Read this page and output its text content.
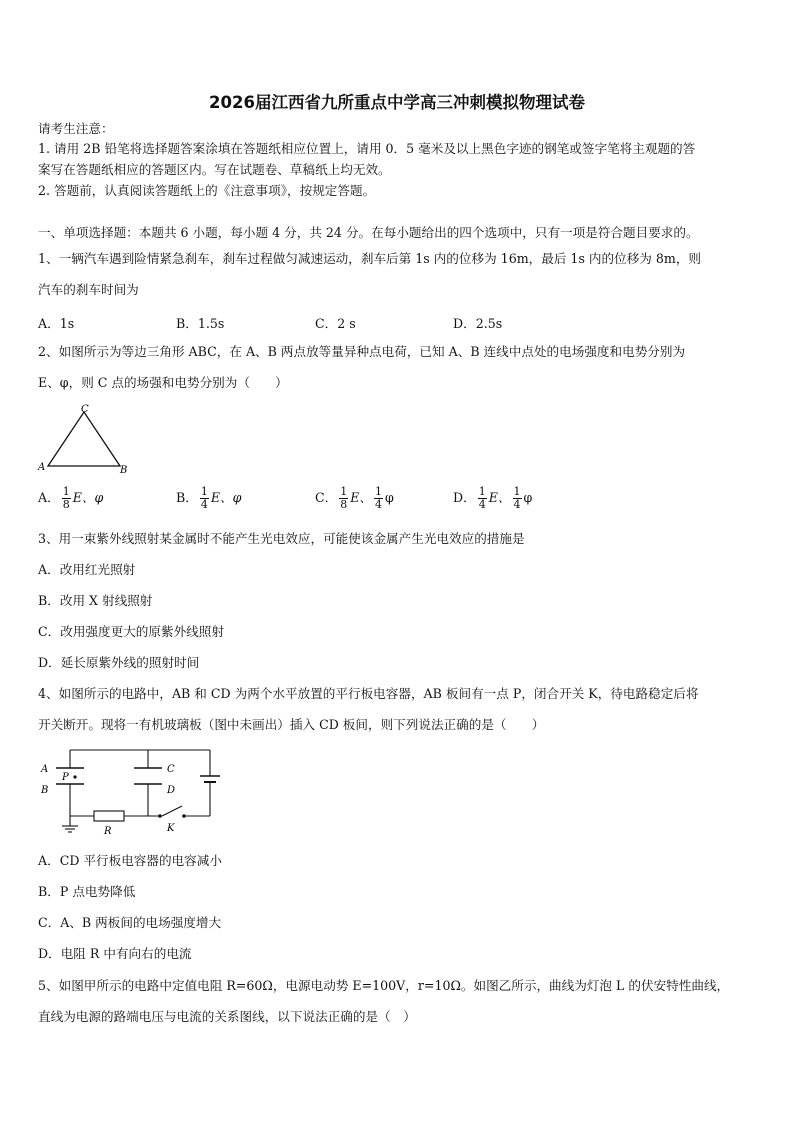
2026届江西省九所重点中学高三冲刺模拟物理试卷
请考生注意：
1. 请用 2B 铅笔将选择题答案涂填在答题纸相应位置上，请用 0．5 毫米及以上黑色字迹的钢笔或签字笔将主观题的答
案写在答题纸相应的答题区内。写在试题卷、草稿纸上均无效。
2. 答题前，认真阅读答题纸上的《注意事项》，按规定答题。
一、单项选择题：本题共 6 小题，每小题 4 分，共 24 分。在每小题给出的四个选项中，只有一项是符合题目要求的。
1、一辆汽车遇到险情紧急刹车，刹车过程做匀减速运动，刹车后第 1s 内的位移为 16m，最后 1s 内的位移为 8m，则
汽车的刹车时间为
A．1s	B．1.5s	C．2 s	D．2.5s
2、如图所示为等边三角形 ABC，在 A、B 两点放等量异种点电荷，已知 A、B 连线中点处的电场强度和电势分别为
E、φ，则 C 点的场强和电势分别为（　　）
C
A	B
A． $\frac{1}{8}$ E、φ	B． $\frac{1}{4}$ E、φ	C． $\frac{1}{8}$ E、 $\frac{1}{4}$ φ	D． $\frac{1}{4}$ E、 $\frac{1}{4}$ φ
3、用一束紫外线照射某金属时不能产生光电效应，可能使该金属产生光电效应的措施是
A．改用红光照射
B．改用 X 射线照射
C．改用强度更大的原紫外线照射
D．延长原紫外线的照射时间
4、如图所示的电路中，AB 和 CD 为两个水平放置的平行板电容器，AB 板间有一点 P，闭合开关 K，待电路稳定后将
开关断开。现将一有机玻璃板（图中未画出）插入 CD 板间，则下列说法正确的是（　　）
A
P
B
C
D
R	K
A．CD 平行板电容器的电容减小
B．P 点电势降低
C．A、B 两板间的电场强度增大
D．电阻 R 中有向右的电流
5、如图甲所示的电路中定值电阻 R=60Ω，电源电动势 E=100V，r=10Ω。如图乙所示，曲线为灯泡 L 的伏安特性曲线，
直线为电源的路端电压与电流的关系图线，以下说法正确的是（　）
